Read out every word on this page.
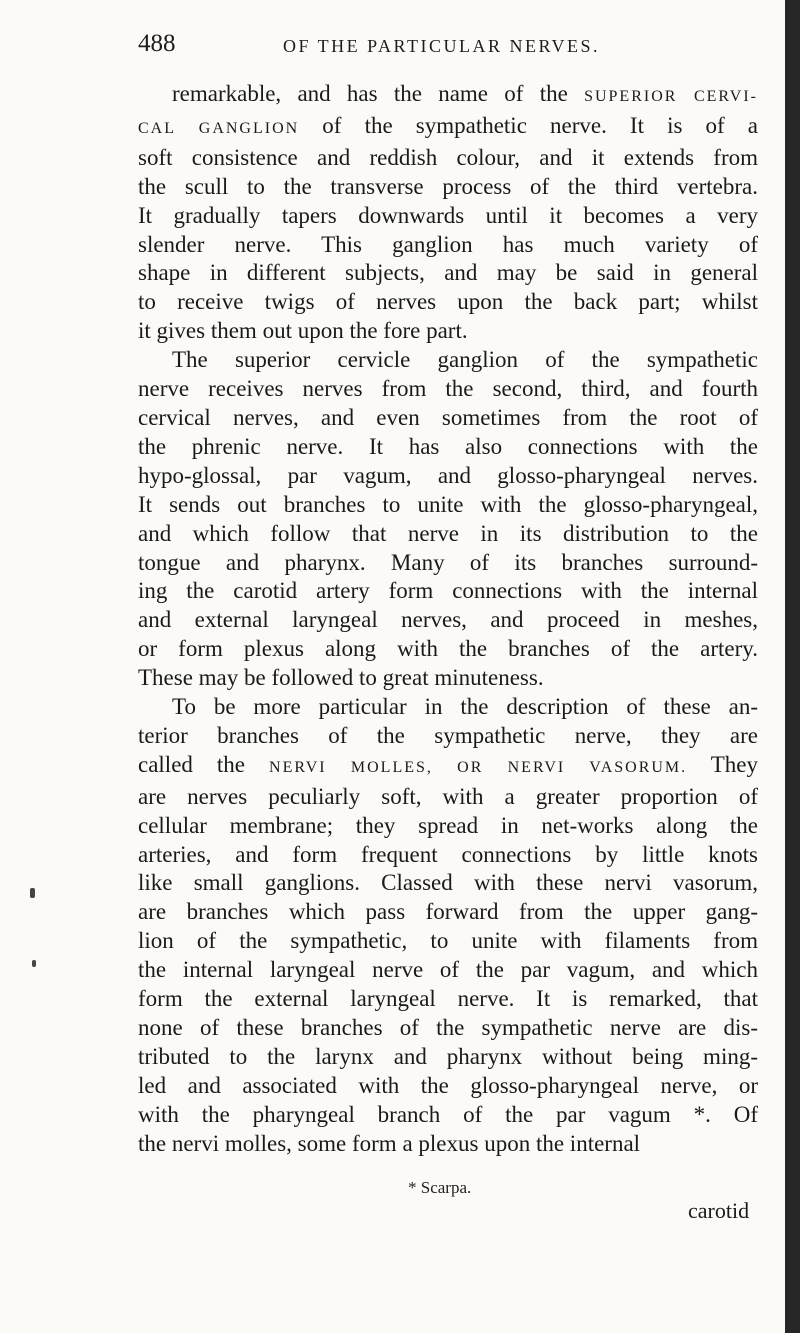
488	OF THE PARTICULAR NERVES.
remarkable, and has the name of the SUPERIOR CERVI-
CAL GANGLION of the sympathetic nerve. It is of a
soft consistence and reddish colour, and it extends from
the scull to the transverse process of the third vertebra.
It gradually tapers downwards until it becomes a very
slender nerve. This ganglion has much variety of
shape in different subjects, and may be said in general
to receive twigs of nerves upon the back part; whilst
it gives them out upon the fore part.
The superior cervicle ganglion of the sympathetic
nerve receives nerves from the second, third, and fourth
cervical nerves, and even sometimes from the root of
the phrenic nerve. It has also connections with the
hypo-glossal, par vagum, and glosso-pharyngeal nerves.
It sends out branches to unite with the glosso-pharyngeal,
and which follow that nerve in its distribution to the
tongue and pharynx. Many of its branches surround-
ing the carotid artery form connections with the internal
and external laryngeal nerves, and proceed in meshes,
or form plexus along with the branches of the artery.
These may be followed to great minuteness.
To be more particular in the description of these an-
terior branches of the sympathetic nerve, they are
called the NERVI MOLLES, OR NERVI VASORUM. They
are nerves peculiarly soft, with a greater proportion of
cellular membrane; they spread in net-works along the
arteries, and form frequent connections by little knots
like small ganglions. Classed with these nervi vasorum,
are branches which pass forward from the upper gang-
lion of the sympathetic, to unite with filaments from
the internal laryngeal nerve of the par vagum, and which
form the external laryngeal nerve. It is remarked, that
none of these branches of the sympathetic nerve are dis-
tributed to the larynx and pharynx without being ming-
led and associated with the glosso-pharyngeal nerve, or
with the pharyngeal branch of the par vagum *. Of
the nervi molles, some form a plexus upon the internal
* Scarpa.
carotid
